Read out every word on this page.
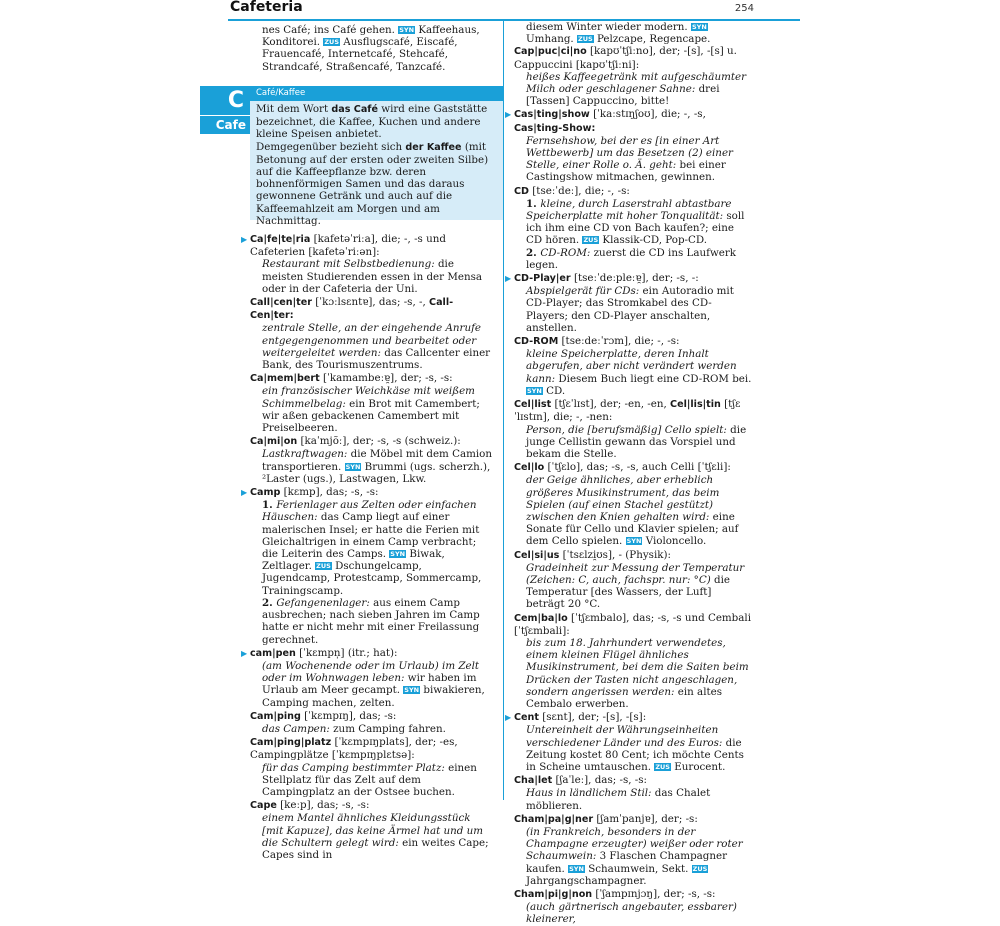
Cafeteria	254
C
Cafe
nes Café; ins Café gehen. SYN Kaffeehaus, Konditorei. ZUS Ausflugscafé, Eiscafé, Frauencafé, Internetcafé, Stehcafé, Strandcafé, Straßencafé, Tanzcafé.
Café/Kaffee
Mit dem Wort das Café wird eine Gaststätte bezeichnet, die Kaffee, Kuchen und andere kleine Speisen anbietet.
Demgegenüber bezieht sich der Kaffee (mit Betonung auf der ersten oder zweiten Silbe) auf die Kaffeepflanze bzw. deren bohnenförmigen Samen und das daraus gewonnene Getränk und auch auf die Kaffeemahlzeit am Morgen und am Nachmittag.
▶ Ca|fe|te|ria [kafetəˈriːa], die; -, -s und Cafeterien [kafetəˈriːən]:
Restaurant mit Selbstbedienung: die meisten Studierenden essen in der Mensa oder in der Cafeteria der Uni.
Call|cen|ter [ˈkɔːlsɛntɐ], das; -s, -, Call-Cen|ter:
zentrale Stelle, an der eingehende Anrufe entgegengenommen und bearbeitet oder weitergeleitet werden: das Callcenter einer Bank, des Tourismuszentrums.
Ca|mem|bert [ˈkamambeːɐ̯], der; -s, -s:
ein französischer Weichkäse mit weißem Schimmelbelag: ein Brot mit Camembert; wir aßen gebackenen Camembert mit Preiselbeeren.
Ca|mi|on [kaˈmjõː], der; -s, -s (schweiz.):
Lastkraftwagen: die Möbel mit dem Camion transportieren. SYN Brummi (ugs. scherzh.), ²Laster (ugs.), Lastwagen, Lkw.
▶ Camp [kɛmp], das; -s, -s:
1. Ferienlager aus Zelten oder einfachen Häuschen: das Camp liegt auf einer malerischen Insel; er hatte die Ferien mit Gleichaltrigen in einem Camp verbracht; die Leiterin des Camps. SYN Biwak, Zeltlager. ZUS Dschungelcamp, Jugendcamp, Protestcamp, Sommercamp, Trainingscamp.
2. Gefangenenlager: aus einem Camp ausbrechen; nach sieben Jahren im Camp hatte er nicht mehr mit einer Freilassung gerechnet.
▶ cam|pen [ˈkɛmpn̩] (itr.; hat):
(am Wochenende oder im Urlaub) im Zelt oder im Wohnwagen leben: wir haben im Urlaub am Meer gecampt. SYN biwakieren, Camping machen, zelten.
Cam|ping [ˈkɛmpɪŋ], das; -s:
das Campen: zum Camping fahren.
Cam|ping|platz [ˈkɛmpɪŋplats], der; -es, Campingplätze [ˈkɛmpɪŋplɛtsə]:
für das Camping bestimmter Platz: einen Stellplatz für das Zelt auf dem Campingplatz an der Ostsee buchen.
Cape [keːp], das; -s, -s:
einem Mantel ähnliches Kleidungsstück [mit Kapuze], das keine Ärmel hat und um die Schultern gelegt wird: ein weites Cape; Capes sind in
diesem Winter wieder modern. SYN Umhang. ZUS Pelzcape, Regencape.
Cap|puc|ci|no [kapʊˈtʃiːno], der; -[s], -[s] u. Cappuccini [kapʊˈtʃiːni]:
heißes Kaffeegetränk mit aufgeschäumter Milch oder geschlagener Sahne: drei [Tassen] Cappuccino, bitte!
▶ Cas|ting|show [ˈkaːstɪŋʃoʊ], die; -, -s, Cas|ting-Show:
Fernsehshow, bei der es [in einer Art Wettbewerb] um das Besetzen (2) einer Stelle, einer Rolle o. Ä. geht: bei einer Castingshow mitmachen, gewinnen.
CD [tseːˈdeː], die; -, -s:
1. kleine, durch Laserstrahl abtastbare Speicherplatte mit hoher Tonqualität: soll ich ihm eine CD von Bach kaufen?; eine CD hören. ZUS Klassik-CD, Pop-CD.
2. CD-ROM: zuerst die CD ins Laufwerk legen.
▶ CD-Play|er [tseːˈdeːpleːɐ̯], der; -s, -:
Abspielgerät für CDs: ein Autoradio mit CD-Player; das Stromkabel des CD-Players; den CD-Player anschalten, anstellen.
CD-ROM [tseːdeːˈrɔm], die; -, -s:
kleine Speicherplatte, deren Inhalt abgerufen, aber nicht verändert werden kann: Diesem Buch liegt eine CD-ROM bei. SYN CD.
Cel|list [tʃɛˈlɪst], der; -en, -en, Cel|lis|tin [tʃɛˈlɪstɪn], die; -, -nen:
Person, die [berufsmäßig] Cello spielt: die junge Cellistin gewann das Vorspiel und bekam die Stelle.
Cel|lo [ˈtʃɛlo], das; -s, -s, auch Celli [ˈtʃɛli]:
der Geige ähnliches, aber erheblich größeres Musikinstrument, das beim Spielen (auf einen Stachel gestützt) zwischen den Knien gehalten wird: eine Sonate für Cello und Klavier spielen; auf dem Cello spielen. SYN Violoncello.
Cel|si|us [ˈtsɛlzi̯ʊs], - (Physik):
Gradeinheit zur Messung der Temperatur (Zeichen: C, auch, fachspr. nur: °C) die Temperatur [des Wassers, der Luft] beträgt 20 °C.
Cem|ba|lo [ˈtʃɛmbalo], das; -s, -s und Cembali [ˈtʃɛmbali]:
bis zum 18. Jahrhundert verwendetes, einem kleinen Flügel ähnliches Musikinstrument, bei dem die Saiten beim Drücken der Tasten nicht angeschlagen, sondern angerissen werden: ein altes Cembalo erwerben.
▶ Cent [sɛnt], der; -[s], -[s]:
Untereinheit der Währungseinheiten verschiedener Länder und des Euros: die Zeitung kostet 80 Cent; ich möchte Cents in Scheine umtauschen. ZUS Eurocent.
Cha|let [ʃaˈleː], das; -s, -s:
Haus in ländlichem Stil: das Chalet möblieren.
Cham|pa|g|ner [ʃamˈpanjɐ], der; -s:
(in Frankreich, besonders in der Champagne erzeugter) weißer oder roter Schaumwein: 3 Flaschen Champagner kaufen. SYN Schaumwein, Sekt. ZUS Jahrgangschampagner.
Cham|pi|g|non [ˈʃampɪnjɔŋ], der; -s, -s:
(auch gärtnerisch angebauter, essbarer) kleinerer,
